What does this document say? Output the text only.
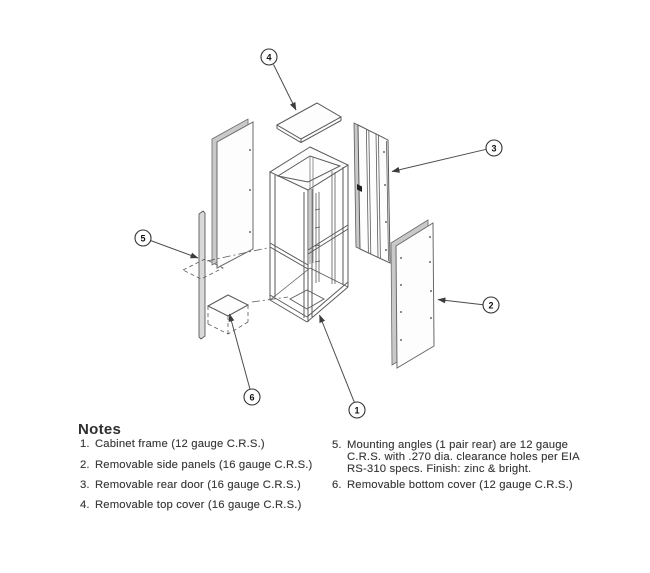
4
3
2
5
6
1
Notes
1. Cabinet frame (12 gauge C.R.S.)
2. Removable side panels (16 gauge C.R.S.)
3. Removable rear door (16 gauge C.R.S.)
4. Removable top cover (16 gauge C.R.S.)
5. Mounting angles (1 pair rear) are 12 gauge
C.R.S. with .270 dia. clearance holes per EIA
RS-310 specs. Finish: zinc & bright.
6. Removable bottom cover (12 gauge C.R.S.)
